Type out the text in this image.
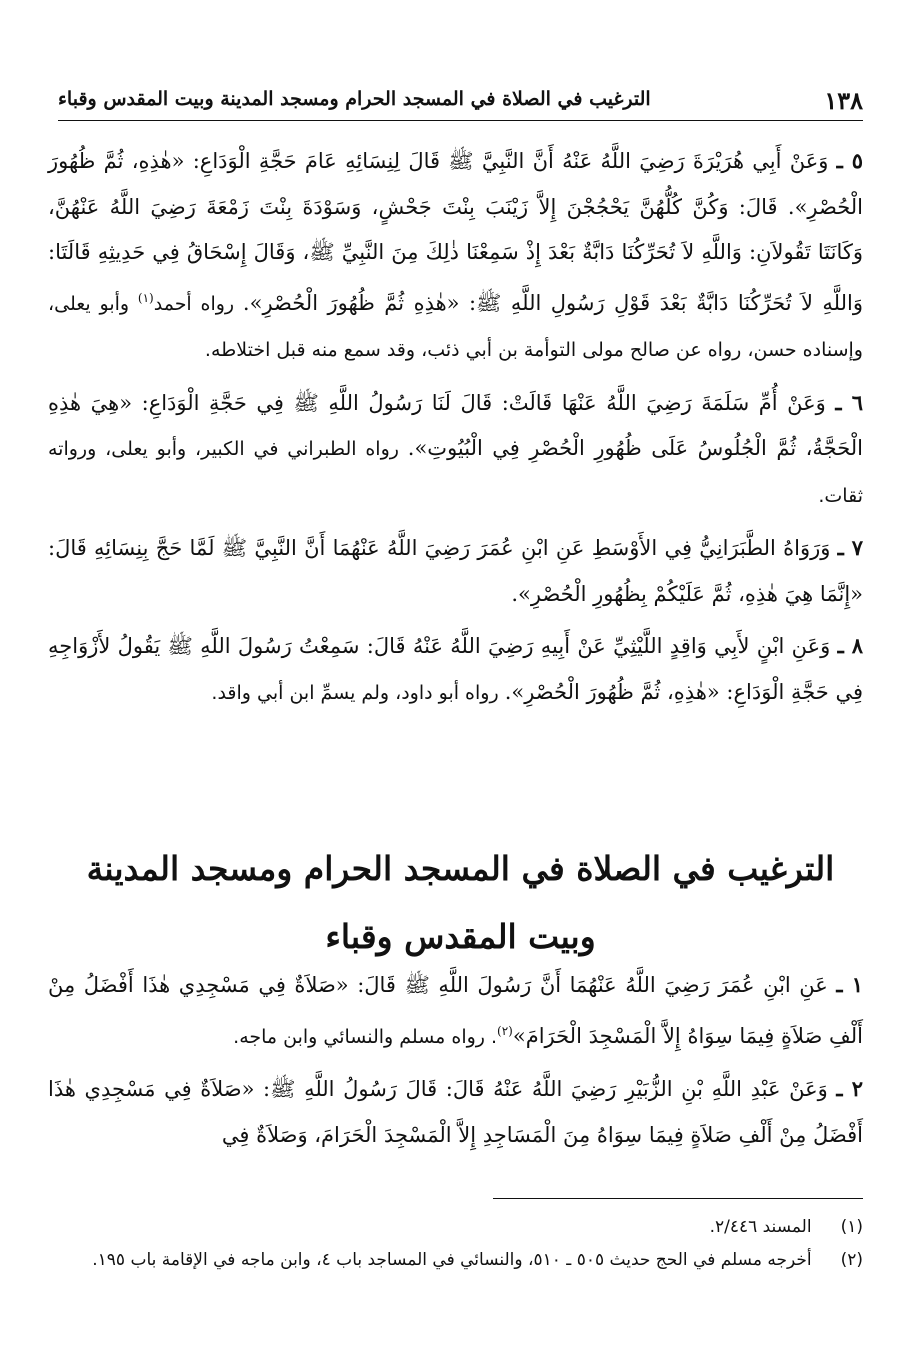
١٣٨
الترغيب في الصلاة في المسجد الحرام ومسجد المدينة وبيت المقدس وقباء

٥ ـ وَعَنْ أَبِي هُرَيْرَةَ رَضِيَ اللَّهُ عَنْهُ أَنَّ النَّبِيَّ ﷺ قَالَ لِنِسَائِهِ عَامَ حَجَّةِ الْوَدَاعِ: «هٰذِهِ، ثُمَّ ظُهُورَ الْحُصْرِ». قَالَ: وَكُنَّ كُلُّهُنَّ يَحْجُجْنَ إِلاَّ زَيْنَبَ بِنْتَ جَحْشٍ، وَسَوْدَةَ بِنْتَ زَمْعَةَ رَضِيَ اللَّهُ عَنْهُنَّ، وَكَانَتَا تَقُولاَنِ: وَاللَّهِ لاَ تُحَرِّكُنَا دَابَّةٌ بَعْدَ إِذْ سَمِعْنَا ذٰلِكَ مِنَ النَّبِيِّ ﷺ، وَقَالَ إِسْحَاقُ فِي حَدِيثِهِ قَالَتَا: وَاللَّهِ لاَ تُحَرِّكُنَا دَابَّةٌ بَعْدَ قَوْلِ رَسُولِ اللَّهِ ﷺ: «هٰذِهِ ثُمَّ ظُهُورَ الْحُصْرِ». رواه أحمد$^{(١)}$ وأبو يعلى، وإسناده حسن، رواه عن صالح مولى التوأمة بن أبي ذئب، وقد سمع منه قبل اختلاطه.

٦ ـ وَعَنْ أُمِّ سَلَمَةَ رَضِيَ اللَّهُ عَنْهَا قَالَتْ: قَالَ لَنَا رَسُولُ اللَّهِ ﷺ فِي حَجَّةِ الْوَدَاعِ: «هِيَ هٰذِهِ الْحَجَّةُ، ثُمَّ الْجُلُوسُ عَلَى ظُهُورِ الْحُصْرِ فِي الْبُيُوتِ». رواه الطبراني في الكبير، وأبو يعلى، ورواته ثقات.

٧ ـ وَرَوَاهُ الطَّبَرَانِيُّ فِي الأَوْسَطِ عَنِ ابْنِ عُمَرَ رَضِيَ اللَّهُ عَنْهُمَا أَنَّ النَّبِيَّ ﷺ لَمَّا حَجَّ بِنِسَائِهِ قَالَ: «إِنَّمَا هِيَ هٰذِهِ، ثُمَّ عَلَيْكُمْ بِظُهُورِ الْحُصْرِ».

٨ ـ وَعَنِ ابْنٍ لأَبِي وَاقِدٍ اللَّيْثِيِّ عَنْ أَبِيهِ رَضِيَ اللَّهُ عَنْهُ قَالَ: سَمِعْتُ رَسُولَ اللَّهِ ﷺ يَقُولُ لأَزْوَاجِهِ فِي حَجَّةِ الْوَدَاعِ: «هٰذِهِ، ثُمَّ ظُهُورَ الْحُصْرِ». رواه أبو داود، ولم يسمِّ ابن أبي واقد.

الترغيب في الصلاة في المسجد الحرام ومسجد المدينة
وبيت المقدس وقباء

١ ـ عَنِ ابْنِ عُمَرَ رَضِيَ اللَّهُ عَنْهُمَا أَنَّ رَسُولَ اللَّهِ ﷺ قَالَ: «صَلاَةٌ فِي مَسْجِدِي هٰذَا أَفْضَلُ مِنْ أَلْفِ صَلاَةٍ فِيمَا سِوَاهُ إِلاَّ الْمَسْجِدَ الْحَرَامَ»$^{(٢)}$. رواه مسلم والنسائي وابن ماجه.

٢ ـ وَعَنْ عَبْدِ اللَّهِ بْنِ الزُّبَيْرِ رَضِيَ اللَّهُ عَنْهُ قَالَ: قَالَ رَسُولُ اللَّهِ ﷺ: «صَلاَةٌ فِي مَسْجِدِي هٰذَا أَفْضَلُ مِنْ أَلْفِ صَلاَةٍ فِيمَا سِوَاهُ مِنَ الْمَسَاجِدِ إِلاَّ الْمَسْجِدَ الْحَرَامَ، وَصَلاَةٌ فِي

(١) المسند ٢/٤٤٦.
(٢) أخرجه مسلم في الحج حديث ٥٠٥ ـ ٥١٠، والنسائي في المساجد باب ٤، وابن ماجه في الإقامة باب ١٩٥.
